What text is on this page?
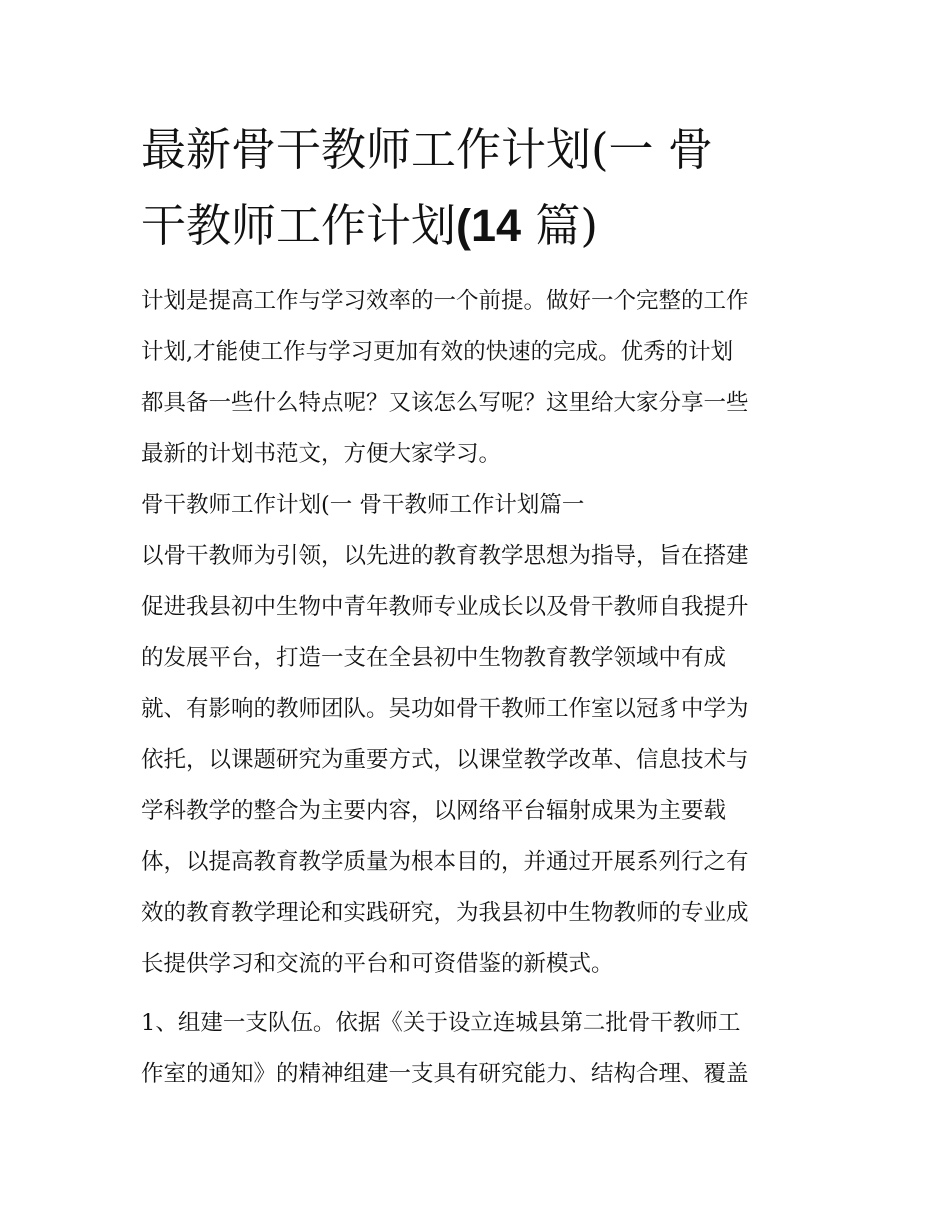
最新骨干教师工作计划(一 骨
干教师工作计划(14 篇)

计划是提高工作与学习效率的一个前提。做好一个完整的工作

计划,才能使工作与学习更加有效的快速的完成。优秀的计划

都具备一些什么特点呢？又该怎么写呢？这里给大家分享一些

最新的计划书范文，方便大家学习。

骨干教师工作计划(一 骨干教师工作计划篇一

以骨干教师为引领，以先进的教育教学思想为指导，旨在搭建

促进我县初中生物中青年教师专业成长以及骨干教师自我提升

的发展平台，打造一支在全县初中生物教育教学领域中有成

就、有影响的教师团队。吴功如骨干教师工作室以冠豸中学为

依托，以课题研究为重要方式，以课堂教学改革、信息技术与

学科教学的整合为主要内容，以网络平台辐射成果为主要载

体，以提高教育教学质量为根本目的，并通过开展系列行之有

效的教育教学理论和实践研究，为我县初中生物教师的专业成

长提供学习和交流的平台和可资借鉴的新模式。

1、组建一支队伍。依据《关于设立连城县第二批骨干教师工

作室的通知》的精神组建一支具有研究能力、结构合理、覆盖
